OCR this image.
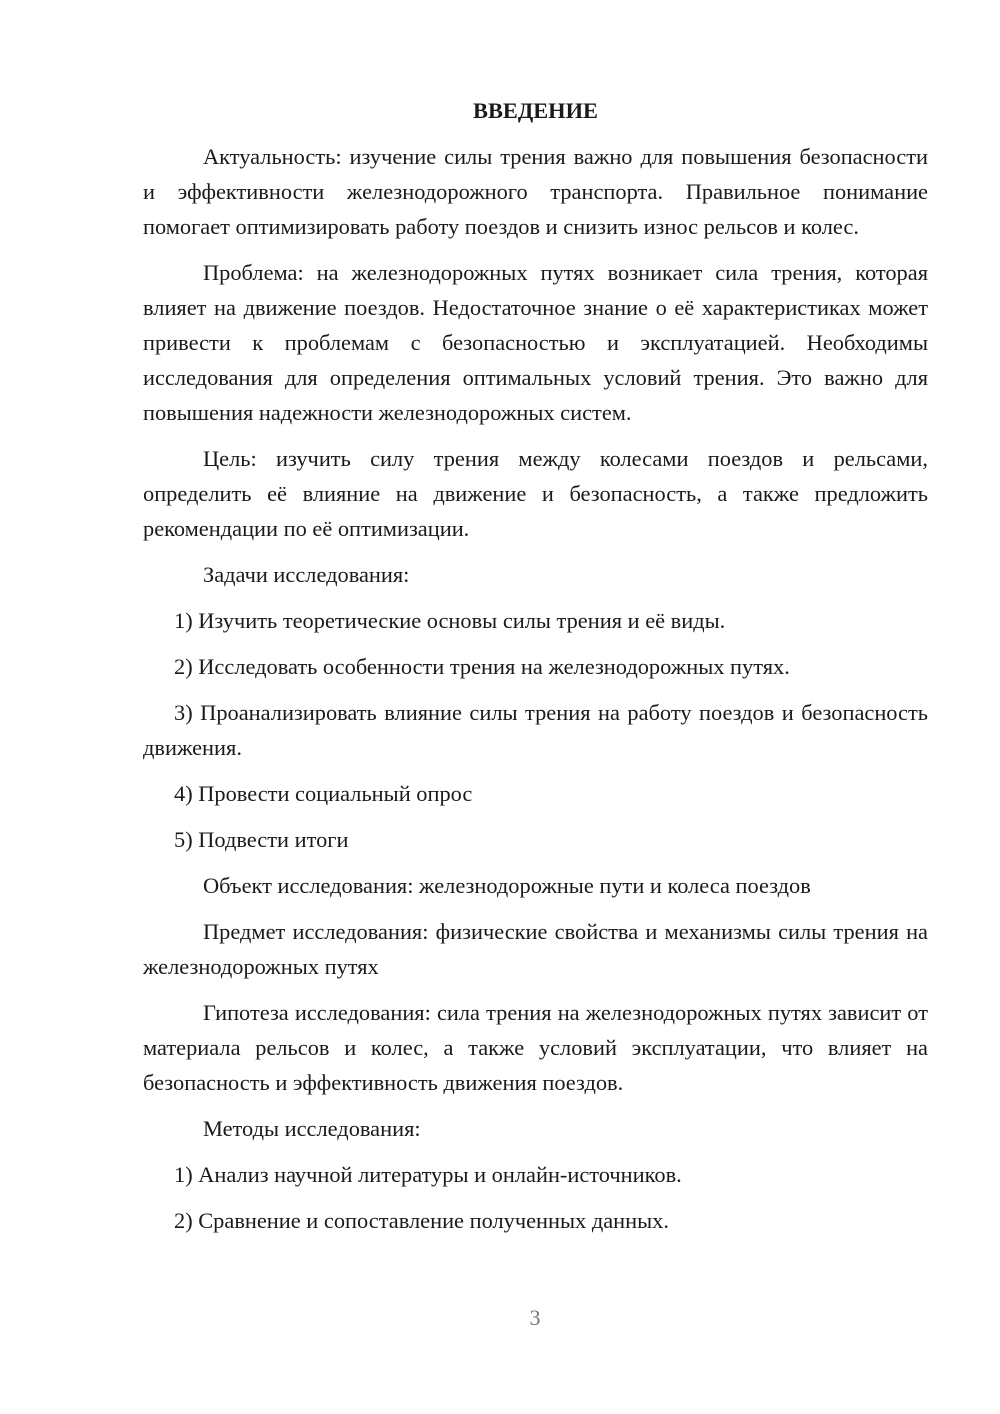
ВВЕДЕНИЕ

Актуальность: изучение силы трения важно для повышения безопасности и эффективности железнодорожного транспорта. Правильное понимание помогает оптимизировать работу поездов и снизить износ рельсов и колес.

Проблема: на железнодорожных путях возникает сила трения, которая влияет на движение поездов. Недостаточное знание о её характеристиках может привести к проблемам с безопасностью и эксплуатацией. Необходимы исследования для определения оптимальных условий трения. Это важно для повышения надежности железнодорожных систем.

Цель: изучить силу трения между колесами поездов и рельсами, определить её влияние на движение и безопасность, а также предложить рекомендации по её оптимизации.

Задачи исследования:

1) Изучить теоретические основы силы трения и её виды.

2) Исследовать особенности трения на железнодорожных путях.

3) Проанализировать влияние силы трения на работу поездов и безопасность движения.

4) Провести социальный опрос

5) Подвести итоги

Объект исследования: железнодорожные пути и колеса поездов

Предмет исследования: физические свойства и механизмы силы трения на железнодорожных путях

Гипотеза исследования: сила трения на железнодорожных путях зависит от материала рельсов и колес, а также условий эксплуатации, что влияет на безопасность и эффективность движения поездов.

Методы исследования:

1) Анализ научной литературы и онлайн-источников.

2) Сравнение и сопоставление полученных данных.

3
